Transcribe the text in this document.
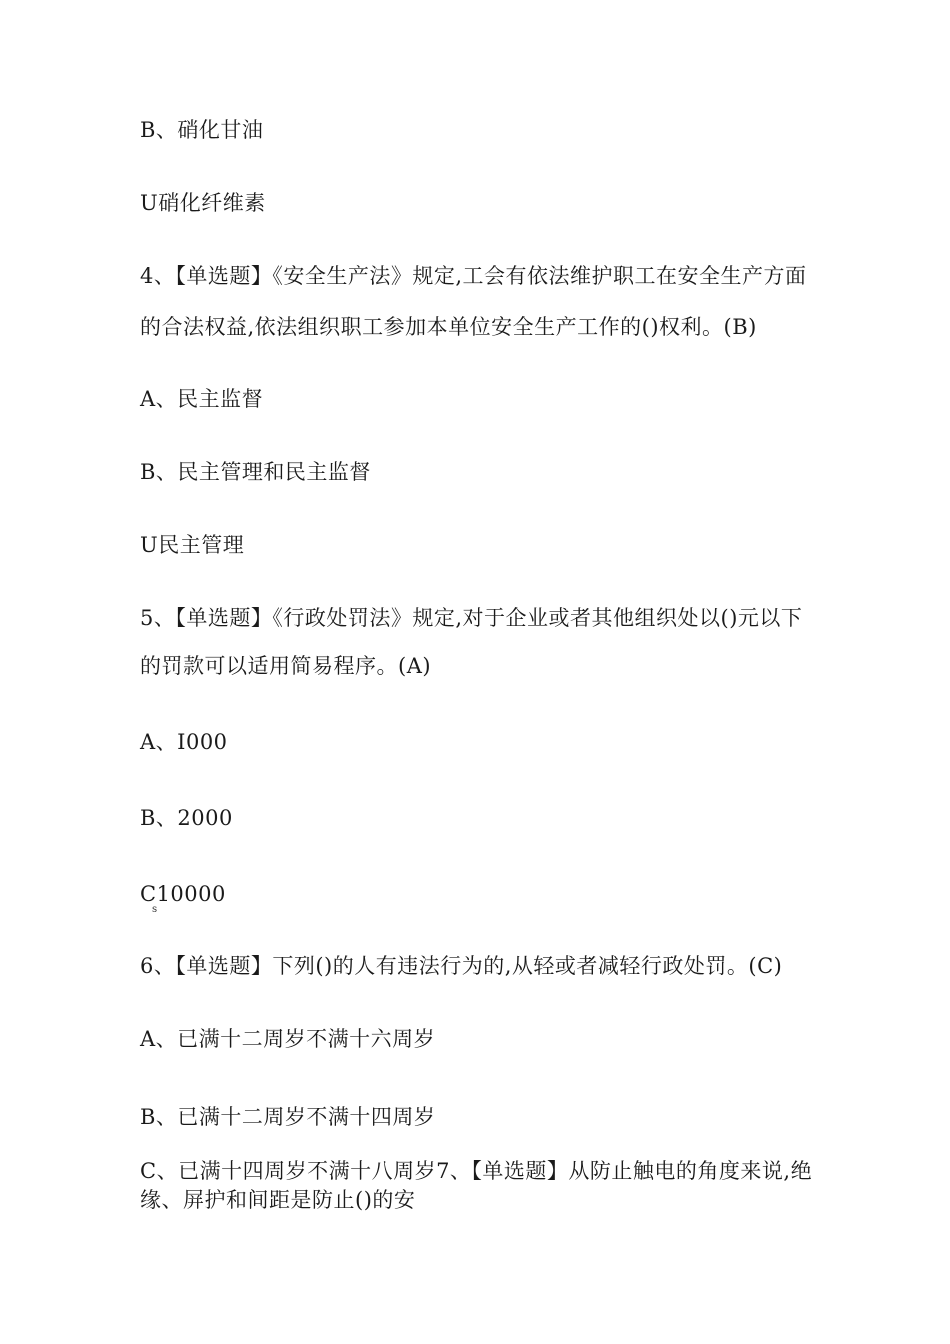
B、硝化甘油
U硝化纤维素
4、【单选题】《安全生产法》规定,工会有依法维护职工在安全生产方面
的合法权益,依法组织职工参加本单位安全生产工作的()权利。(B)
A、民主监督
B、民主管理和民主监督
U民主管理
5、【单选题】《行政处罚法》规定,对于企业或者其他组织处以()元以下
的罚款可以适用简易程序。(A)
A、I000
B、2000
C10000
s
6、【单选题】下列()的人有违法行为的,从轻或者减轻行政处罚。(C)
A、已满十二周岁不满十六周岁
B、已满十二周岁不满十四周岁
C、已满十四周岁不满十八周岁7、【单选题】从防止触电的角度来说,绝
缘、屏护和间距是防止()的安
